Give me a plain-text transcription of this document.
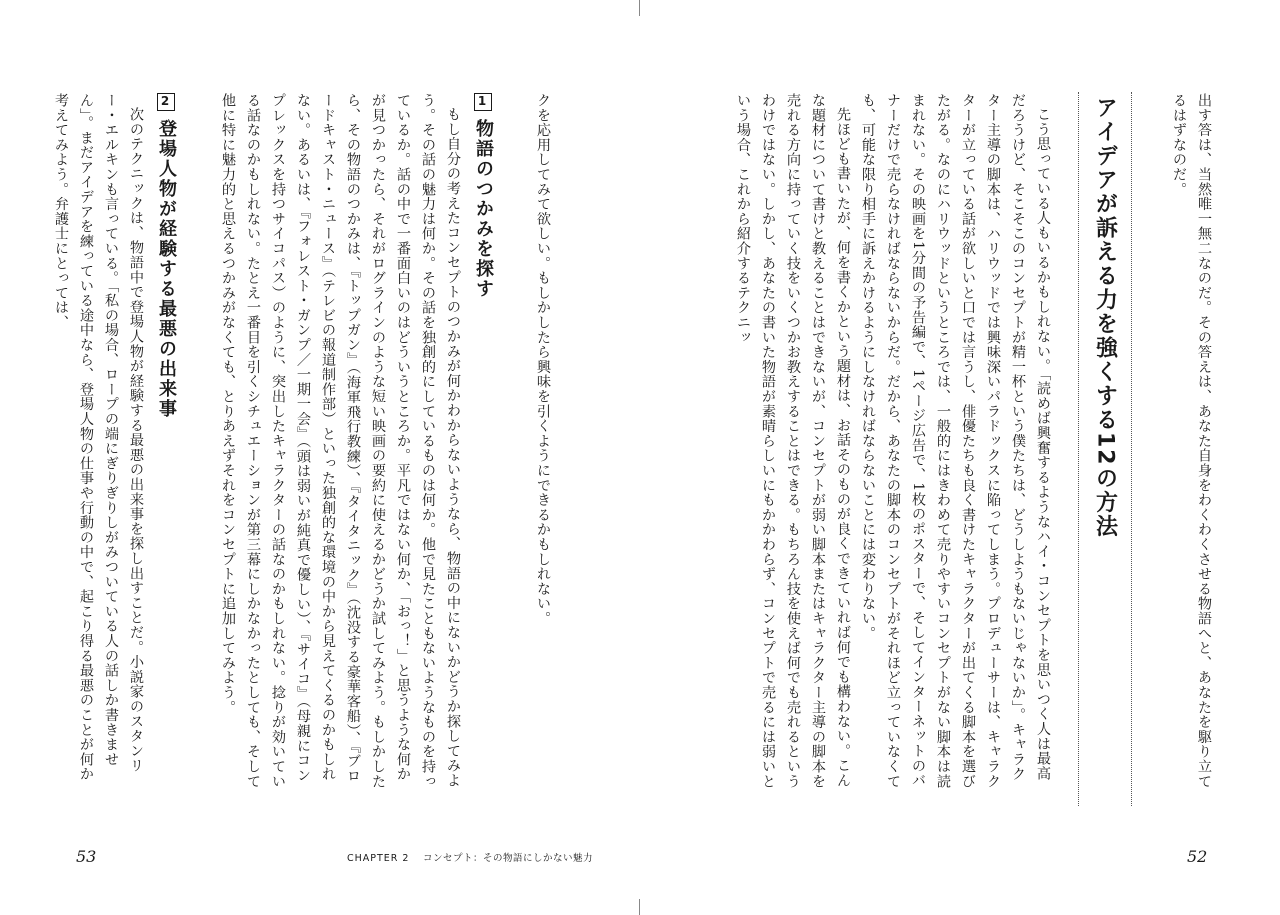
出す答は、当然唯一無二なのだ。その答えは、あなた自身をわくわくさせる物語へと、あなたを駆り立てるはずなのだ。
アイデアが訴える力を強くする12の方法
こう思っている人もいるかもしれない。「読めば興奮するようなハイ・コンセプトを思いつく人は最高だろうけど、そこそこのコンセプトが精一杯という僕たちは、どうしようもないじゃないか」。キャラクター主導の脚本は、ハリウッドでは興味深いパラドックスに陥ってしまう。プロデューサーは、キャラクターが立っている話が欲しいと口では言うし、俳優たちも良く書けたキャラクターが出てくる脚本を選びたがる。なのにハリウッドというところでは、一般的にはきわめて売りやすいコンセプトがない脚本は読まれない。その映画を1分間の予告編で、1ページ広告で、1枚のポスターで、そしてインターネットのバナーだけで売らなければならないからだ。だから、あなたの脚本のコンセプトがそれほど立っていなくても、可能な限り相手に訴えかけるようにしなければならないことには変わりない。
先ほども書いたが、何を書くかという題材は、お話そのものが良くできていれば何でも構わない。こんな題材について書けと教えることはできないが、コンセプトが弱い脚本またはキャラクター主導の脚本を売れる方向に持っていく技をいくつかお教えすることはできる。もちろん技を使えば何でも売れるというわけではない。しかし、あなたの書いた物語が素晴らしいにもかかわらず、コンセプトで売るには弱いという場合、これから紹介するテクニッ
52
クを応用してみて欲しい。もしかしたら興味を引くようにできるかもしれない。
1
物語のつかみを探す
もし自分の考えたコンセプトのつかみが何かわからないようなら、物語の中にないかどうか探してみよう。その話の魅力は何か。その話を独創的にしているものは何か。他で見たこともないようなものを持っているか。話の中で一番面白いのはどういうところか。平凡ではない何か、「おっ！」と思うような何かが見つかったら、それがログラインのような短い映画の要約に使えるかどうか試してみよう。もしかしたら、その物語のつかみは、『トップガン』（海軍飛行教練）、『タイタニック』（沈没する豪華客船）、『ブロードキャスト・ニュース』（テレビの報道制作部）といった独創的な環境の中から見えてくるのかもしれない。あるいは、『フォレスト・ガンプ／一期一会』（頭は弱いが純真で優しい）、『サイコ』（母親にコンプレックスを持つサイコパス）のように、突出したキャラクターの話なのかもしれない。捻りが効いている話なのかもしれない。たとえ一番目を引くシチュエーションが第三幕にしかなかったとしても、そして他に特に魅力的と思えるつかみがなくても、とりあえずそれをコンセプトに追加してみよう。
2
登場人物が経験する最悪の出来事
次のテクニックは、物語中で登場人物が経験する最悪の出来事を探し出すことだ。小説家のスタンリー・エルキンも言っている。「私の場合、ロープの端にぎりぎりしがみついている人の話しか書きません」。まだアイデアを練っている途中なら、登場人物の仕事や行動の中で、起こり得る最悪のことが何か考えてみよう。弁護士にとっては、
53	CHAPTER 2 コンセプト：その物語にしかない魅力
